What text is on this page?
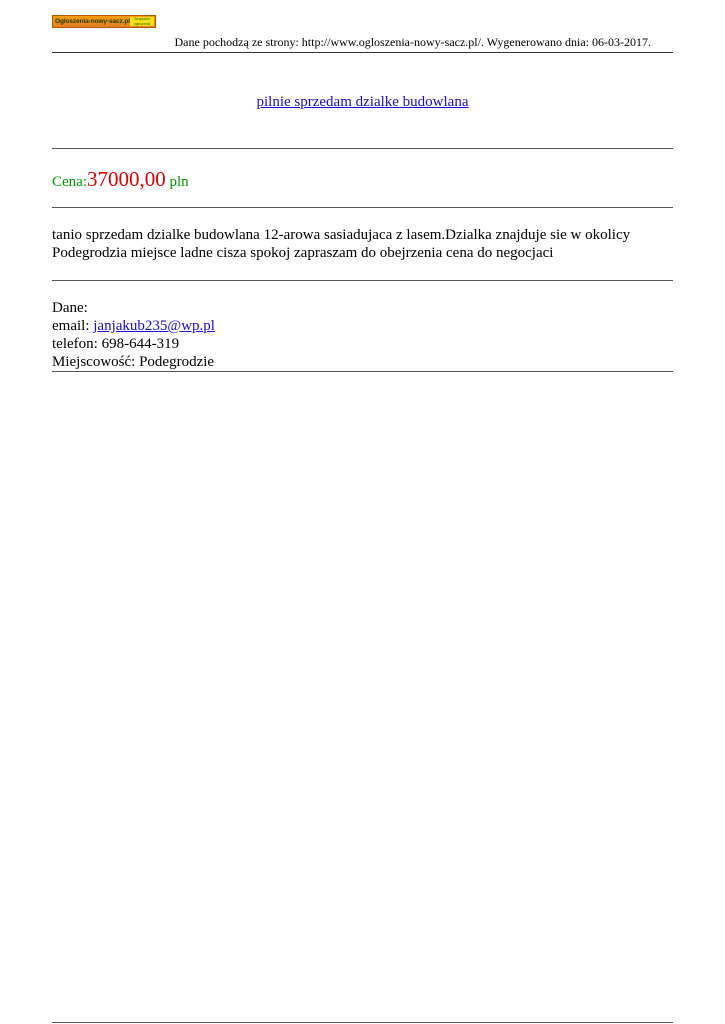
Ogloszenia-nowy-sacz.pl	Bezpłatne ogłoszenia
Dane pochodzą ze strony: http://www.ogloszenia-nowy-sacz.pl/. Wygenerowano dnia: 06-03-2017.
pilnie sprzedam dzialke budowlana
Cena:37000,00 pln
tanio sprzedam dzialke budowlana 12-arowa sasiadujaca z lasem.Dzialka znajduje sie w okolicy Podegrodzia miejsce ladne cisza spokoj zapraszam do obejrzenia cena do negocjaci
Dane:
email: janjakub235@wp.pl
telefon: 698-644-319
Miejscowość: Podegrodzie
